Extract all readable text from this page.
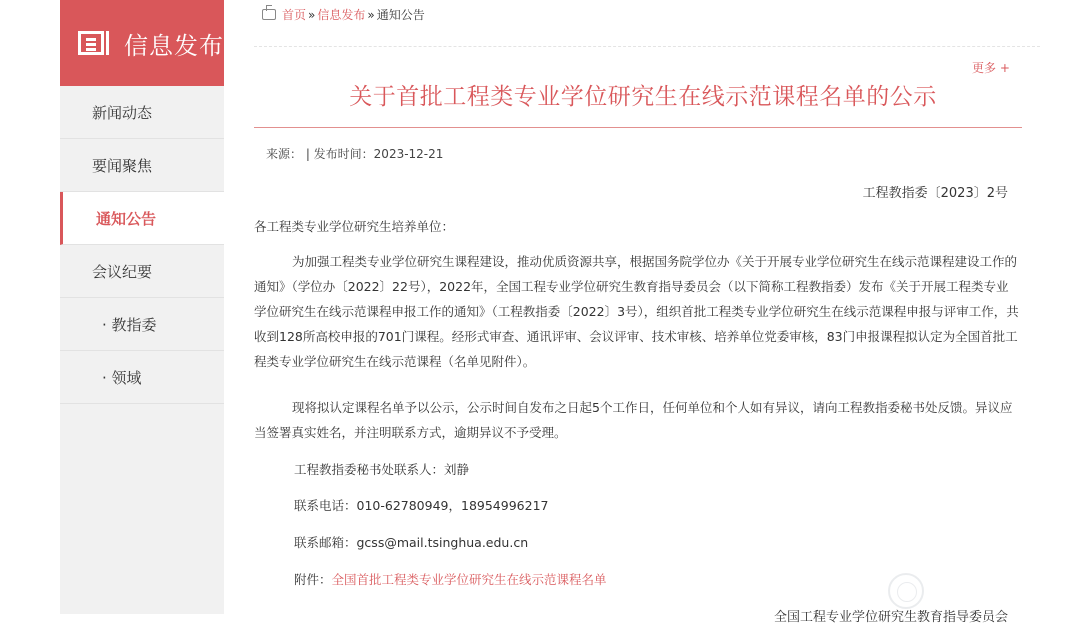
信息发布
新闻动态
要闻聚焦
通知公告
会议纪要
· 教指委
· 领域
首页 » 信息发布 » 通知公告
更多 +
关于首批工程类专业学位研究生在线示范课程名单的公示
来源： | 发布时间：2023-12-21
工程教指委〔2023〕2号

各工程类专业学位研究生培养单位：

为加强工程类专业学位研究生课程建设，推动优质资源共享，根据国务院学位办《关于开展专业学位研究生在线示范课程建设工作的通知》（学位办〔2022〕22号），2022年，全国工程专业学位研究生教育指导委员会（以下简称工程教指委）发布《关于开展工程类专业学位研究生在线示范课程申报工作的通知》（工程教指委〔2022〕3号），组织首批工程类专业学位研究生在线示范课程申报与评审工作，共收到128所高校申报的701门课程。经形式审查、通讯评审、会议评审、技术审核、培养单位党委审核，83门申报课程拟认定为全国首批工程类专业学位研究生在线示范课程（名单见附件）。

现将拟认定课程名单予以公示，公示时间自发布之日起5个工作日，任何单位和个人如有异议，请向工程教指委秘书处反馈。异议应当签署真实姓名，并注明联系方式，逾期异议不予受理。

工程教指委秘书处联系人：刘静
联系电话：010-62780949，18954996217
联系邮箱：gcss@mail.tsinghua.edu.cn
附件：全国首批工程类专业学位研究生在线示范课程名单
全国工程专业学位研究生教育指导委员会
